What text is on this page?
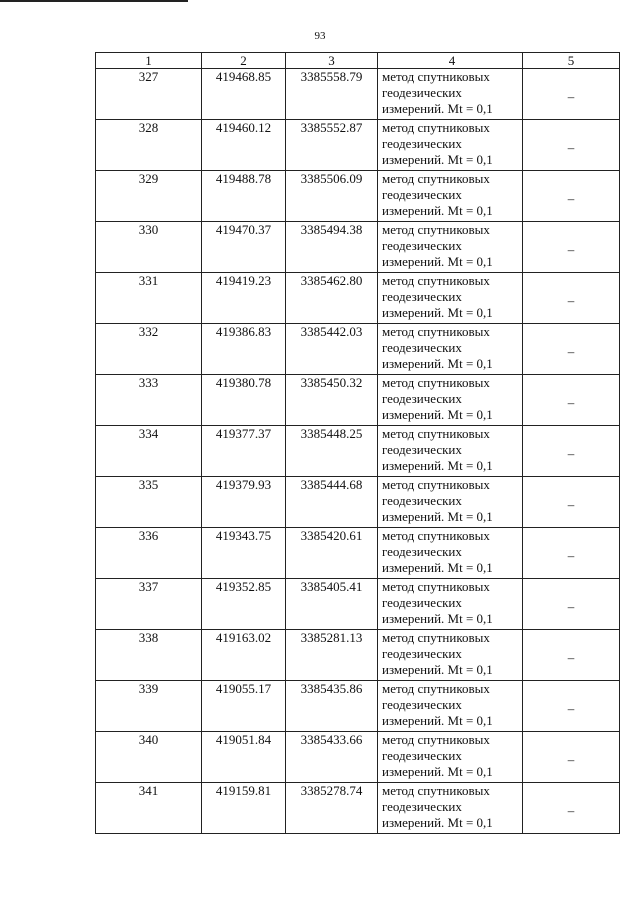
93
1	2	3	4	5
327	419468.85	3385558.79	метод спутниковых
геодезических
измерений. Mt = 0,1	–
328	419460.12	3385552.87	метод спутниковых
геодезических
измерений. Mt = 0,1	–
329	419488.78	3385506.09	метод спутниковых
геодезических
измерений. Mt = 0,1	–
330	419470.37	3385494.38	метод спутниковых
геодезических
измерений. Mt = 0,1	–
331	419419.23	3385462.80	метод спутниковых
геодезических
измерений. Mt = 0,1	–
332	419386.83	3385442.03	метод спутниковых
геодезических
измерений. Mt = 0,1	–
333	419380.78	3385450.32	метод спутниковых
геодезических
измерений. Mt = 0,1	–
334	419377.37	3385448.25	метод спутниковых
геодезических
измерений. Mt = 0,1	–
335	419379.93	3385444.68	метод спутниковых
геодезических
измерений. Mt = 0,1	–
336	419343.75	3385420.61	метод спутниковых
геодезических
измерений. Mt = 0,1	–
337	419352.85	3385405.41	метод спутниковых
геодезических
измерений. Mt = 0,1	–
338	419163.02	3385281.13	метод спутниковых
геодезических
измерений. Mt = 0,1	–
339	419055.17	3385435.86	метод спутниковых
геодезических
измерений. Mt = 0,1	–
340	419051.84	3385433.66	метод спутниковых
геодезических
измерений. Mt = 0,1	–
341	419159.81	3385278.74	метод спутниковых
геодезических
измерений. Mt = 0,1	–
